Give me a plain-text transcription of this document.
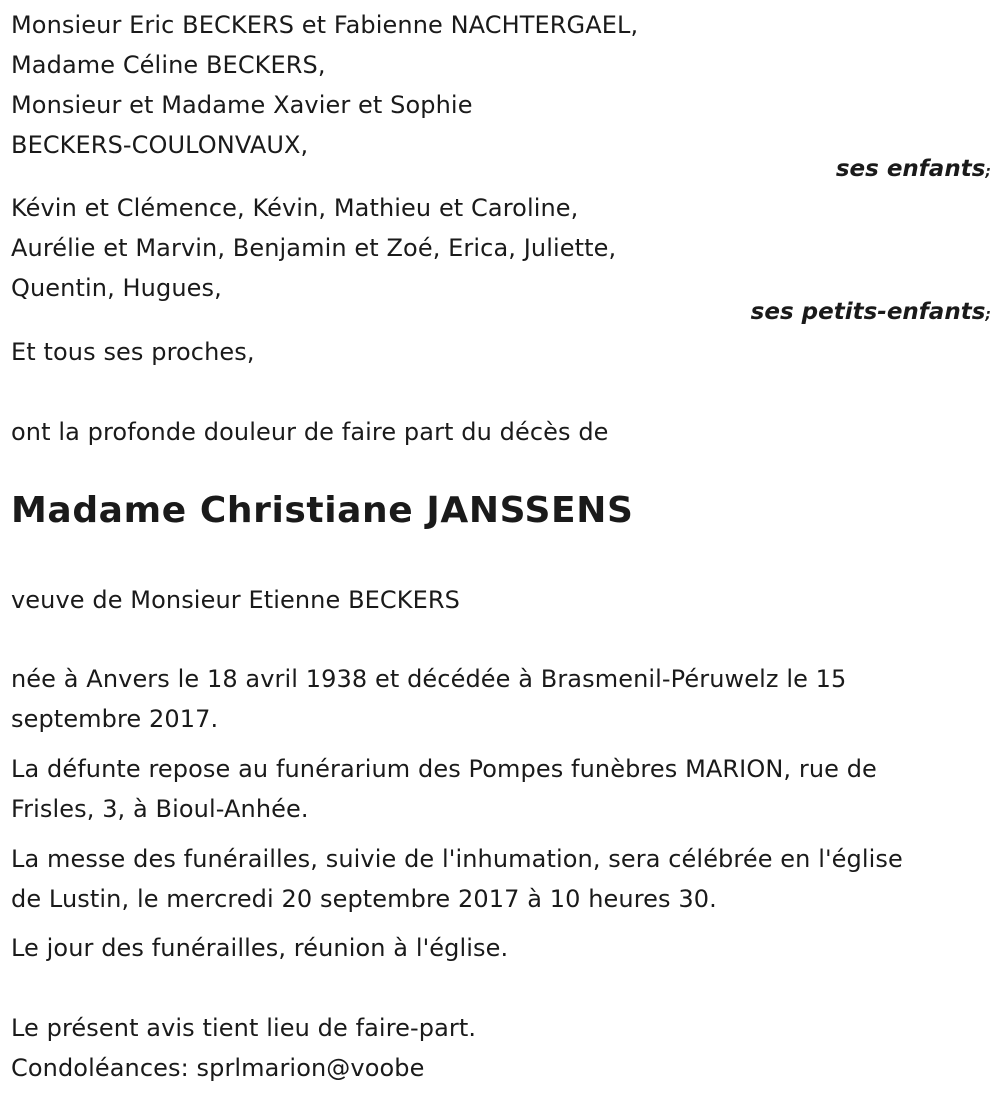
Monsieur Eric BECKERS et Fabienne NACHTERGAEL,
Madame Céline BECKERS,
Monsieur et Madame Xavier et Sophie
BECKERS-COULONVAUX,
ses enfants;
Kévin et Clémence, Kévin, Mathieu et Caroline,
Aurélie et Marvin, Benjamin et Zoé, Erica, Juliette,
Quentin, Hugues,
ses petits-enfants;
Et tous ses proches,
ont la profonde douleur de faire part du décès de
Madame Christiane JANSSENS
veuve de Monsieur Etienne BECKERS
née à Anvers le 18 avril 1938 et décédée à Brasmenil-Péruwelz le 15
septembre 2017.
La défunte repose au funérarium des Pompes funèbres MARION, rue de
Frisles, 3, à Bioul-Anhée.
La messe des funérailles, suivie de l'inhumation, sera célébrée en l'église
de Lustin, le mercredi 20 septembre 2017 à 10 heures 30.
Le jour des funérailles, réunion à l'église.
Le présent avis tient lieu de faire-part.
Condoléances: sprlmarion@voobe
